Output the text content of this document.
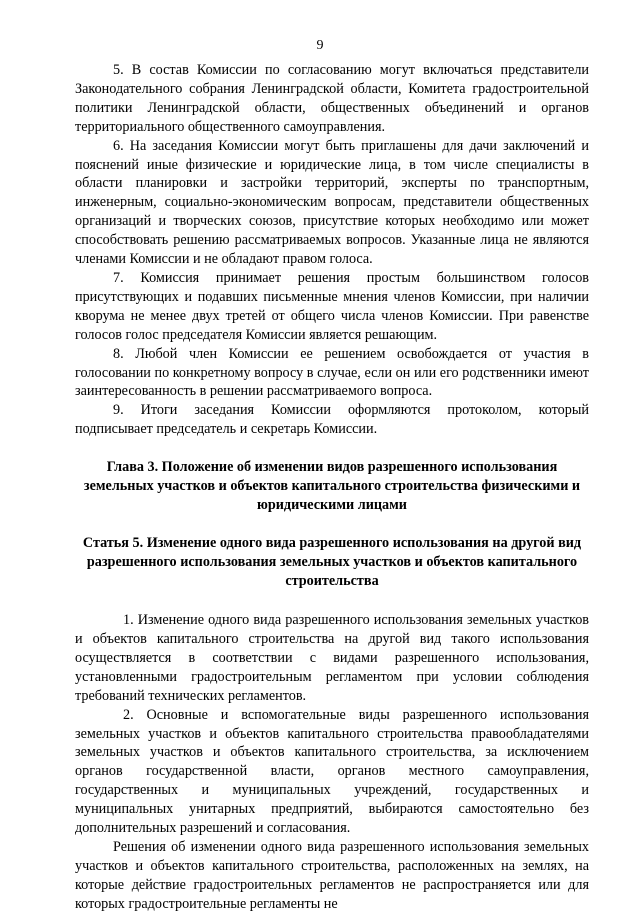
9

5. В состав Комиссии по согласованию могут включаться представители Законодательного собрания Ленинградской области, Комитета градостроительной политики Ленинградской области, общественных объединений и органов территориального общественного самоуправления.

6. На заседания Комиссии могут быть приглашены для дачи заключений и пояснений иные физические и юридические лица, в том числе специалисты в области планировки и застройки территорий, эксперты по транспортным, инженерным, социально-экономическим вопросам, представители общественных организаций и творческих союзов, присутствие которых необходимо или может способствовать решению рассматриваемых вопросов. Указанные лица не являются членами Комиссии и не обладают правом голоса.

7. Комиссия принимает решения простым большинством голосов присутствующих и подавших письменные мнения членов Комиссии, при наличии кворума не менее двух третей от общего числа членов Комиссии. При равенстве голосов голос председателя Комиссии является решающим.

8. Любой член Комиссии ее решением освобождается от участия в голосовании по конкретному вопросу в случае, если он или его родственники имеют заинтересованность в решении рассматриваемого вопроса.

9. Итоги заседания Комиссии оформляются протоколом, который подписывает председатель и секретарь Комиссии.

Глава 3. Положение об изменении видов разрешенного использования земельных участков и объектов капитального строительства физическими и юридическими лицами
Статья 5. Изменение одного вида разрешенного использования на другой вид разрешенного использования земельных участков и объектов капитального строительства

1. Изменение одного вида разрешенного использования земельных участков и объектов капитального строительства на другой вид такого использования осуществляется в соответствии с видами разрешенного использования, установленными градостроительным регламентом при условии соблюдения требований технических регламентов.

2. Основные и вспомогательные виды разрешенного использования земельных участков и объектов капитального строительства правообладателями земельных участков и объектов капитального строительства, за исключением органов государственной власти, органов местного самоуправления, государственных и муниципальных учреждений, государственных и муниципальных унитарных предприятий, выбираются самостоятельно без дополнительных разрешений и согласования.

Решения об изменении одного вида разрешенного использования земельных участков и объектов капитального строительства, расположенных на землях, на которые действие градостроительных регламентов не распространяется или для которых градостроительные регламенты не
